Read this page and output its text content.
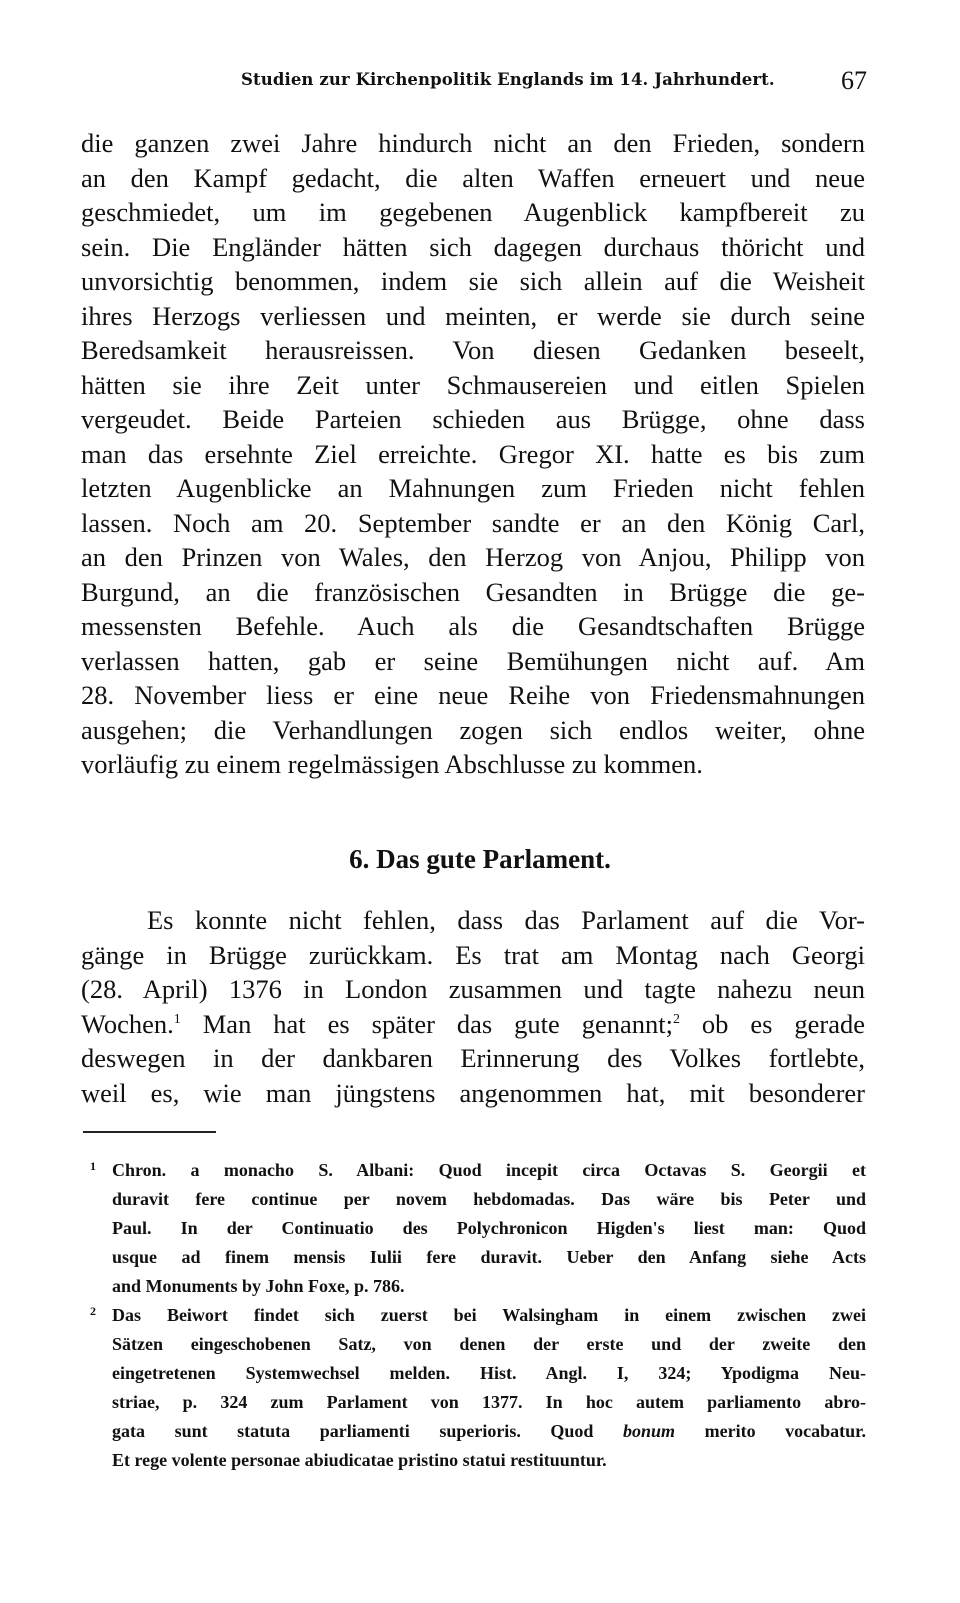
Studien zur Kirchenpolitik Englands im 14. Jahrhundert.	67
die ganzen zwei Jahre hindurch nicht an den Frieden, sondern
an den Kampf gedacht, die alten Waffen erneuert und neue
geschmiedet, um im gegebenen Augenblick kampfbereit zu
sein. Die Engländer hätten sich dagegen durchaus thöricht und
unvorsichtig benommen, indem sie sich allein auf die Weisheit
ihres Herzogs verliessen und meinten, er werde sie durch seine
Beredsamkeit herausreissen. Von diesen Gedanken beseelt,
hätten sie ihre Zeit unter Schmausereien und eitlen Spielen
vergeudet. Beide Parteien schieden aus Brügge, ohne dass
man das ersehnte Ziel erreichte. Gregor XI. hatte es bis zum
letzten Augenblicke an Mahnungen zum Frieden nicht fehlen
lassen. Noch am 20. September sandte er an den König Carl,
an den Prinzen von Wales, den Herzog von Anjou, Philipp von
Burgund, an die französischen Gesandten in Brügge die ge-
messensten Befehle. Auch als die Gesandtschaften Brügge
verlassen hatten, gab er seine Bemühungen nicht auf. Am
28. November liess er eine neue Reihe von Friedensmahnungen
ausgehen; die Verhandlungen zogen sich endlos weiter, ohne
vorläufig zu einem regelmässigen Abschlusse zu kommen.
6. Das gute Parlament.
Es konnte nicht fehlen, dass das Parlament auf die Vor-
gänge in Brügge zurückkam. Es trat am Montag nach Georgi
(28. April) 1376 in London zusammen und tagte nahezu neun
Wochen.$^1$ Man hat es später das gute genannt;$^2$ ob es gerade
deswegen in der dankbaren Erinnerung des Volkes fortlebte,
weil es, wie man jüngstens angenommen hat, mit besonderer
1 Chron. a monacho S. Albani: Quod incepit circa Octavas S. Georgii et
duravit fere continue per novem hebdomadas. Das wäre bis Peter und
Paul. In der Continuatio des Polychronicon Higden's liest man: Quod
usque ad finem mensis Iulii fere duravit. Ueber den Anfang siehe Acts
and Monuments by John Foxe, p. 786.
2 Das Beiwort findet sich zuerst bei Walsingham in einem zwischen zwei
Sätzen eingeschobenen Satz, von denen der erste und der zweite den
eingetretenen Systemwechsel melden. Hist. Angl. I, 324; Ypodigma Neu-
striae, p. 324 zum Parlament von 1377. In hoc autem parliamento abro-
gata sunt statuta parliamenti superioris. Quod bonum merito vocabatur.
Et rege volente personae abiudicatae pristino statui restituuntur.
